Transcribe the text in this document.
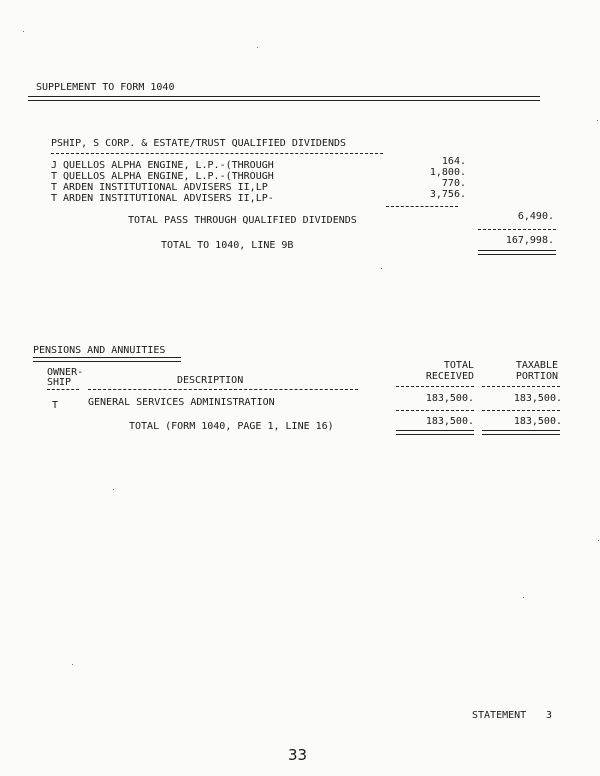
SUPPLEMENT TO FORM 1040
PSHIP, S CORP. & ESTATE/TRUST QUALIFIED DIVIDENDS
J QUELLOS ALPHA ENGINE, L.P.-(THROUGH	164.
T QUELLOS ALPHA ENGINE, L.P.-(THROUGH	1,800.
T ARDEN INSTITUTIONAL ADVISERS II,LP	770.
T ARDEN INSTITUTIONAL ADVISERS II,LP-	3,756.
TOTAL PASS THROUGH QUALIFIED DIVIDENDS	6,490.
TOTAL TO 1040, LINE 9B	167,998.
PENSIONS AND ANNUITIES
TOTAL	TAXABLE
OWNER-
SHIP	DESCRIPTION	RECEIVED	PORTION
T	GENERAL SERVICES ADMINISTRATION	183,500.	183,500.
TOTAL (FORM 1040, PAGE 1, LINE 16)	183,500.	183,500.
STATEMENT 3
33
